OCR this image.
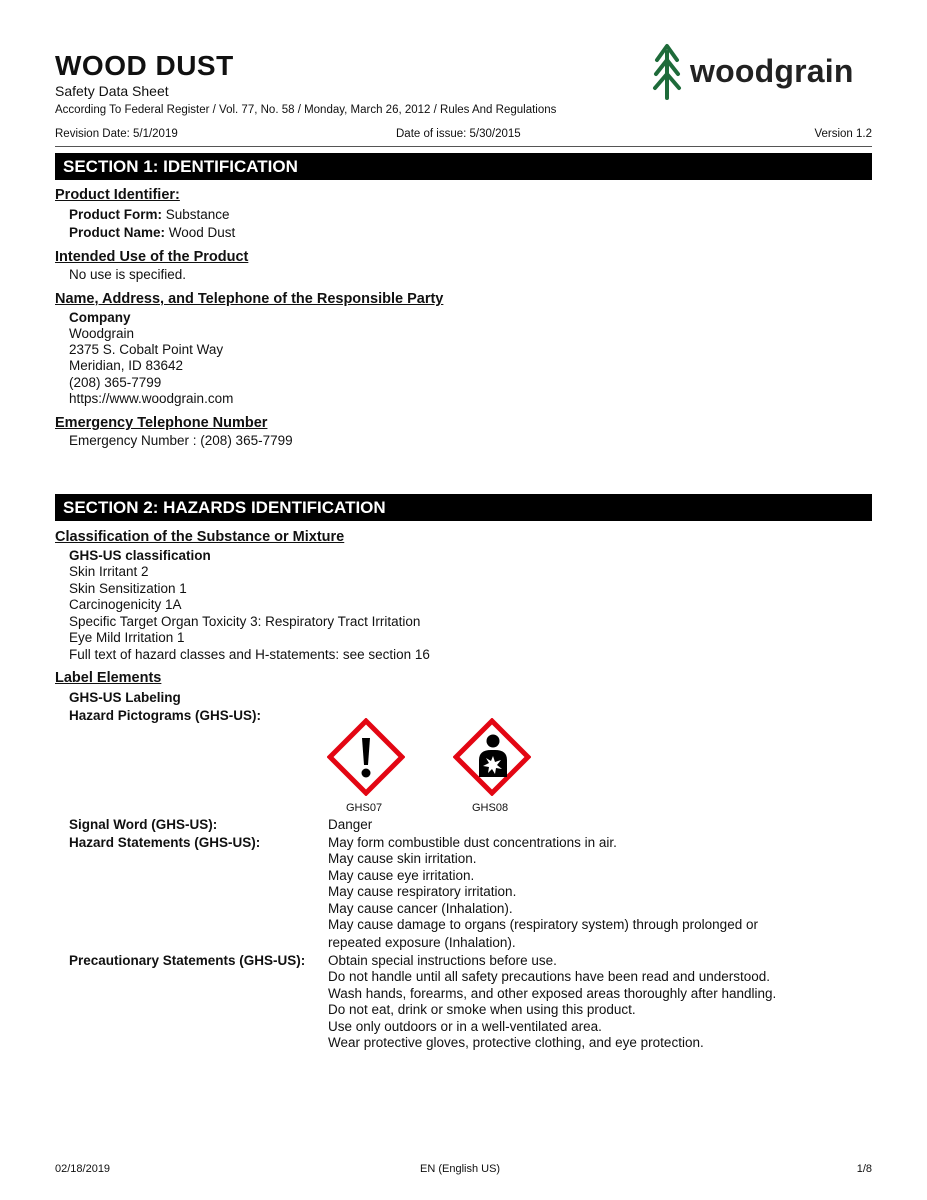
WOOD DUST
Safety Data Sheet
According To Federal Register / Vol. 77, No. 58 / Monday, March 26, 2012 / Rules And Regulations
Revision Date: 5/1/2019	Date of issue: 5/30/2015	Version 1.2
woodgrain
SECTION 1: IDENTIFICATION
Product Identifier:
Product Form: Substance
Product Name: Wood Dust
Intended Use of the Product
No use is specified.
Name, Address, and Telephone of the Responsible Party
Company
Woodgrain
2375 S. Cobalt Point Way
Meridian, ID 83642
(208) 365-7799
https://www.woodgrain.com
Emergency Telephone Number
Emergency Number : (208) 365-7799
SECTION 2: HAZARDS IDENTIFICATION
Classification of the Substance or Mixture
GHS-US classification
Skin Irritant 2
Skin Sensitization 1
Carcinogenicity 1A
Specific Target Organ Toxicity 3: Respiratory Tract Irritation
Eye Mild Irritation 1
Full text of hazard classes and H-statements: see section 16
Label Elements
GHS-US Labeling
Hazard Pictograms (GHS-US):
GHS07	GHS08
Signal Word (GHS-US):	Danger
Hazard Statements (GHS-US):	May form combustible dust concentrations in air.
May cause skin irritation.
May cause eye irritation.
May cause respiratory irritation.
May cause cancer (Inhalation).
May cause damage to organs (respiratory system) through prolonged or
repeated exposure (Inhalation).
Precautionary Statements (GHS-US): Obtain special instructions before use.
Do not handle until all safety precautions have been read and understood.
Wash hands, forearms, and other exposed areas thoroughly after handling.
Do not eat, drink or smoke when using this product.
Use only outdoors or in a well-ventilated area.
Wear protective gloves, protective clothing, and eye protection.
02/18/2019	EN (English US)	1/8
